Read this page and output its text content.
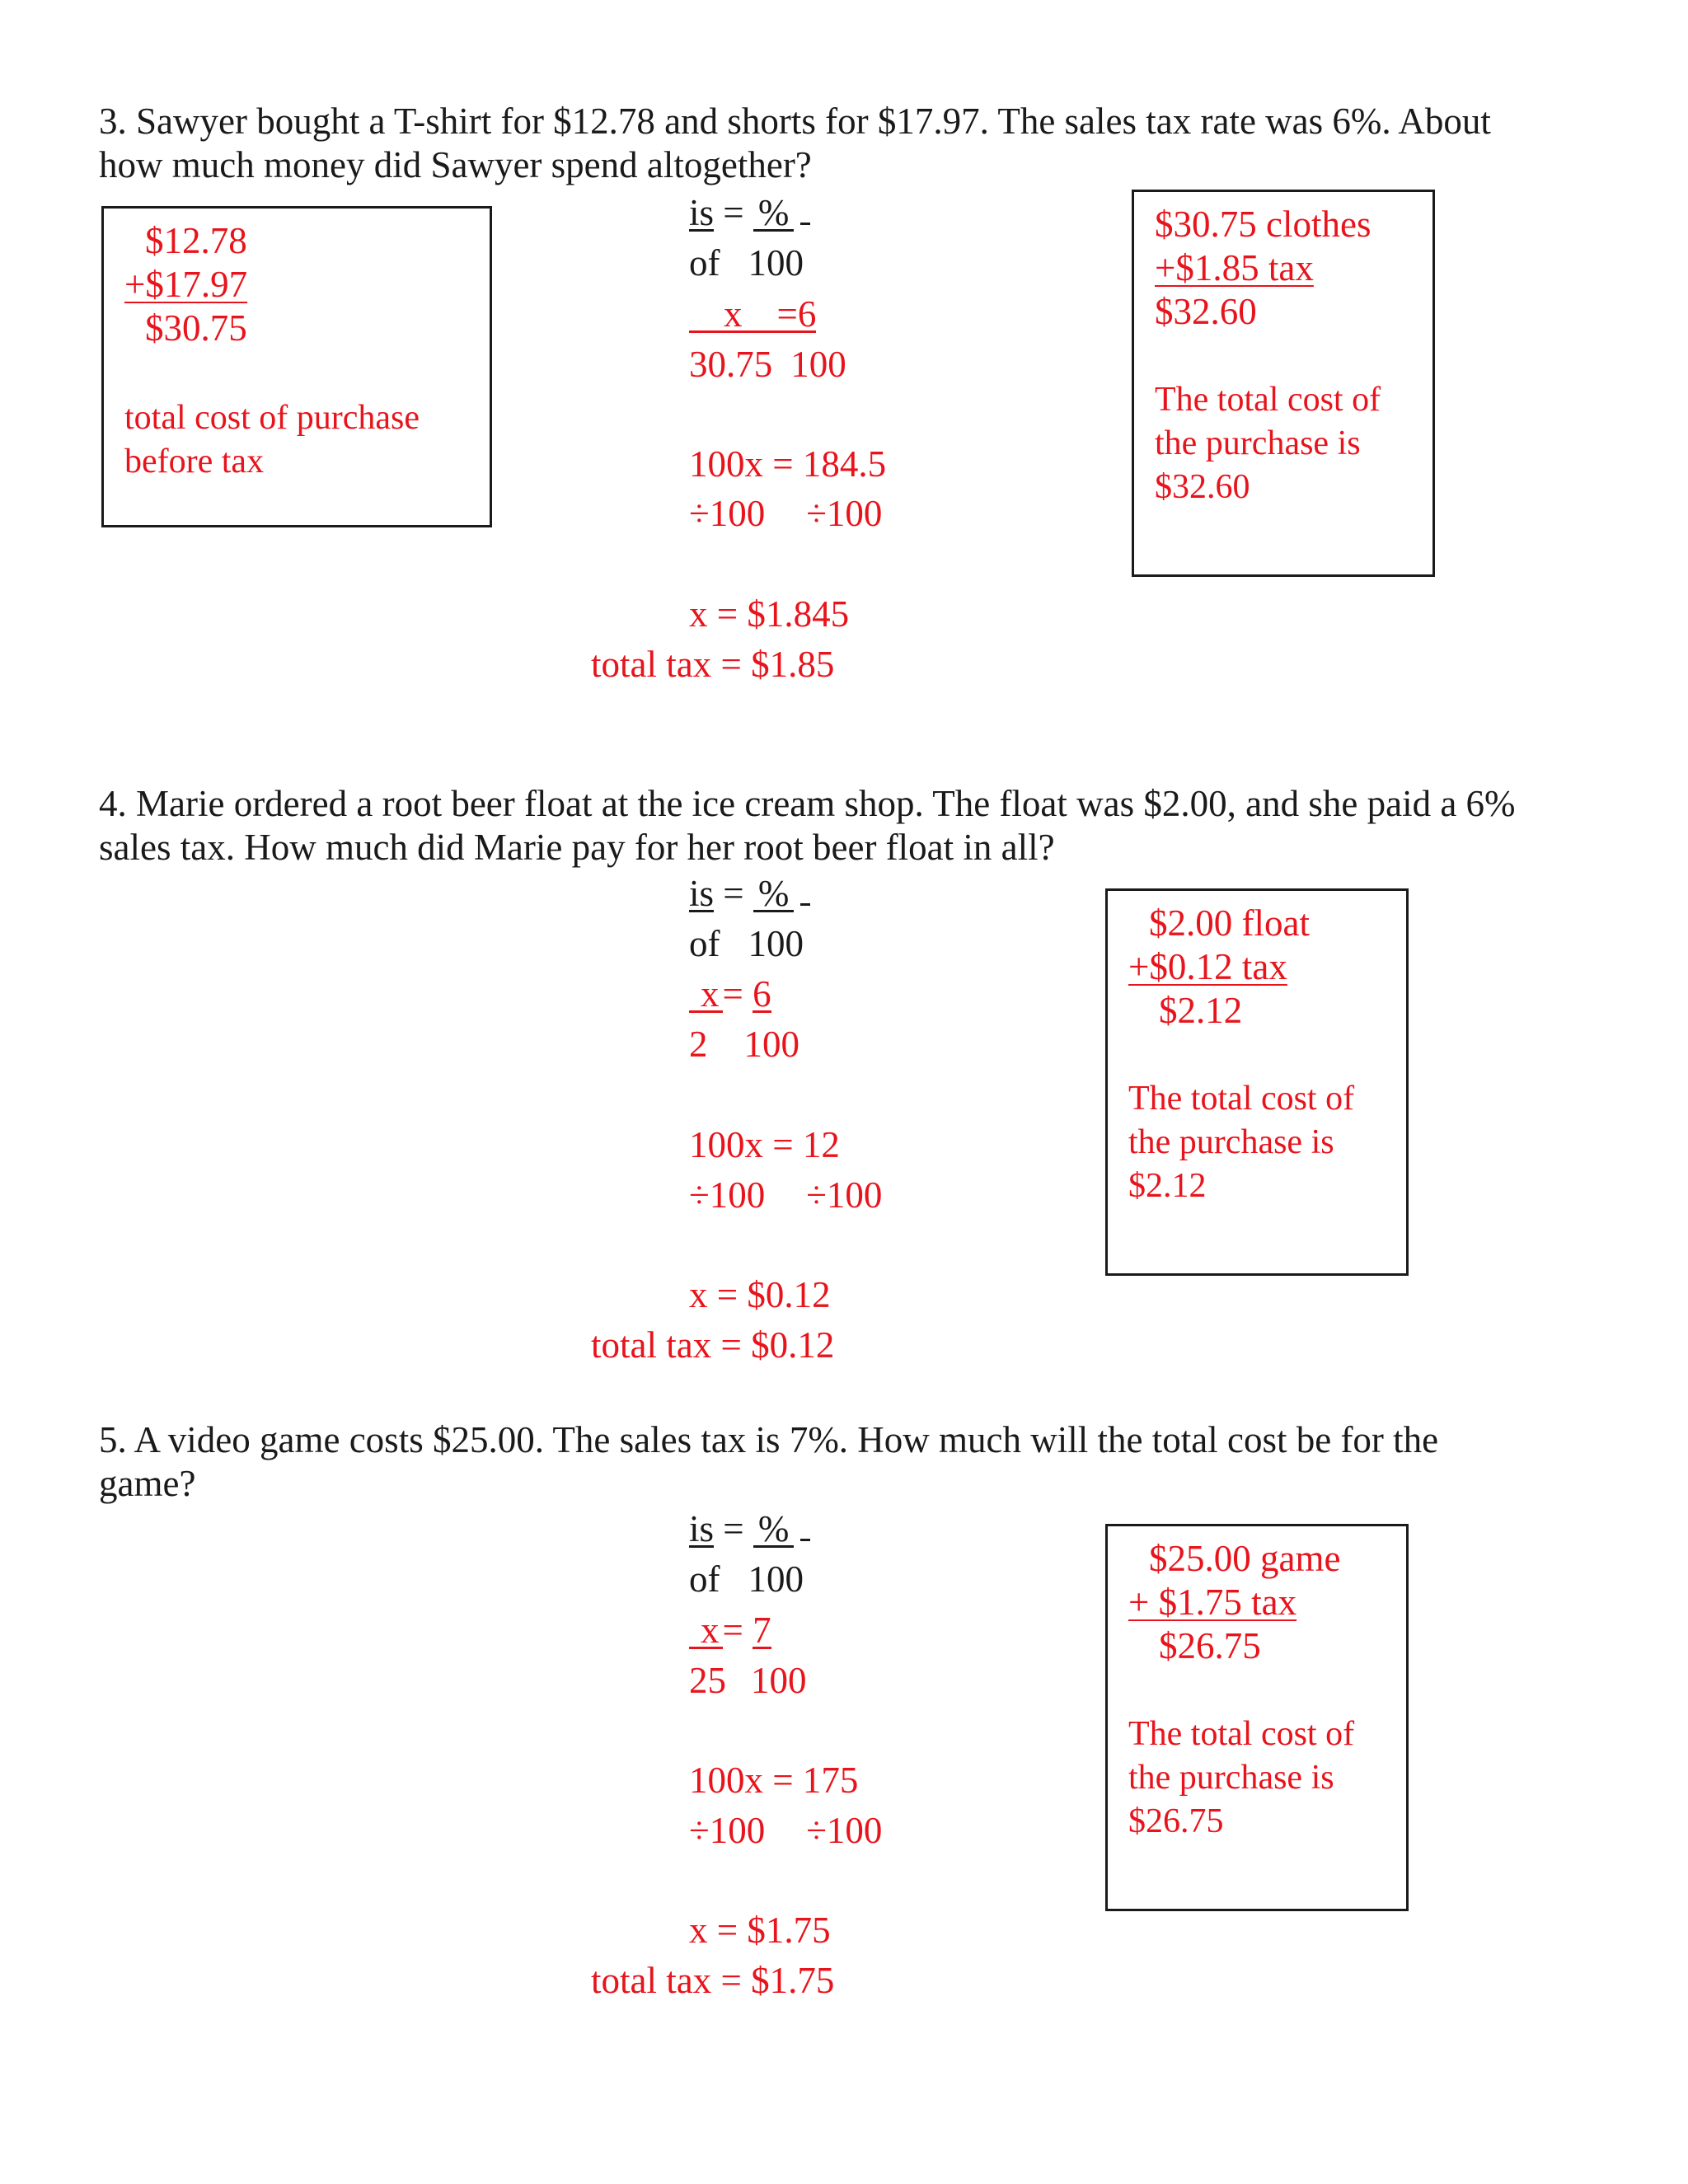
3. Sawyer bought a T-shirt for $12.78 and shorts for $17.97. The sales tax rate was 6%. About
how much money did Sawyer spend altogether?
$12.78
+$17.97
$30.75
total cost of purchase
before tax
is = %
of 100
x =6
30.75 100
100x = 184.5
÷100 ÷100
x = $1.845
total tax = $1.85
$30.75 clothes
+$1.85 tax
$32.60
The total cost of
the purchase is
$32.60
4. Marie ordered a root beer float at the ice cream shop. The float was $2.00, and she paid a 6%
sales tax. How much did Marie pay for her root beer float in all?
is = %
of 100
x= 6
2 100
100x = 12
÷100 ÷100
x = $0.12
total tax = $0.12
$2.00 float
+$0.12 tax
$2.12
The total cost of
the purchase is
$2.12
5. A video game costs $25.00. The sales tax is 7%. How much will the total cost be for the
game?
is = %
of 100
x= 7
25 100
100x = 175
÷100 ÷100
x = $1.75
total tax = $1.75
$25.00 game
+ $1.75 tax
$26.75
The total cost of
the purchase is
$26.75
